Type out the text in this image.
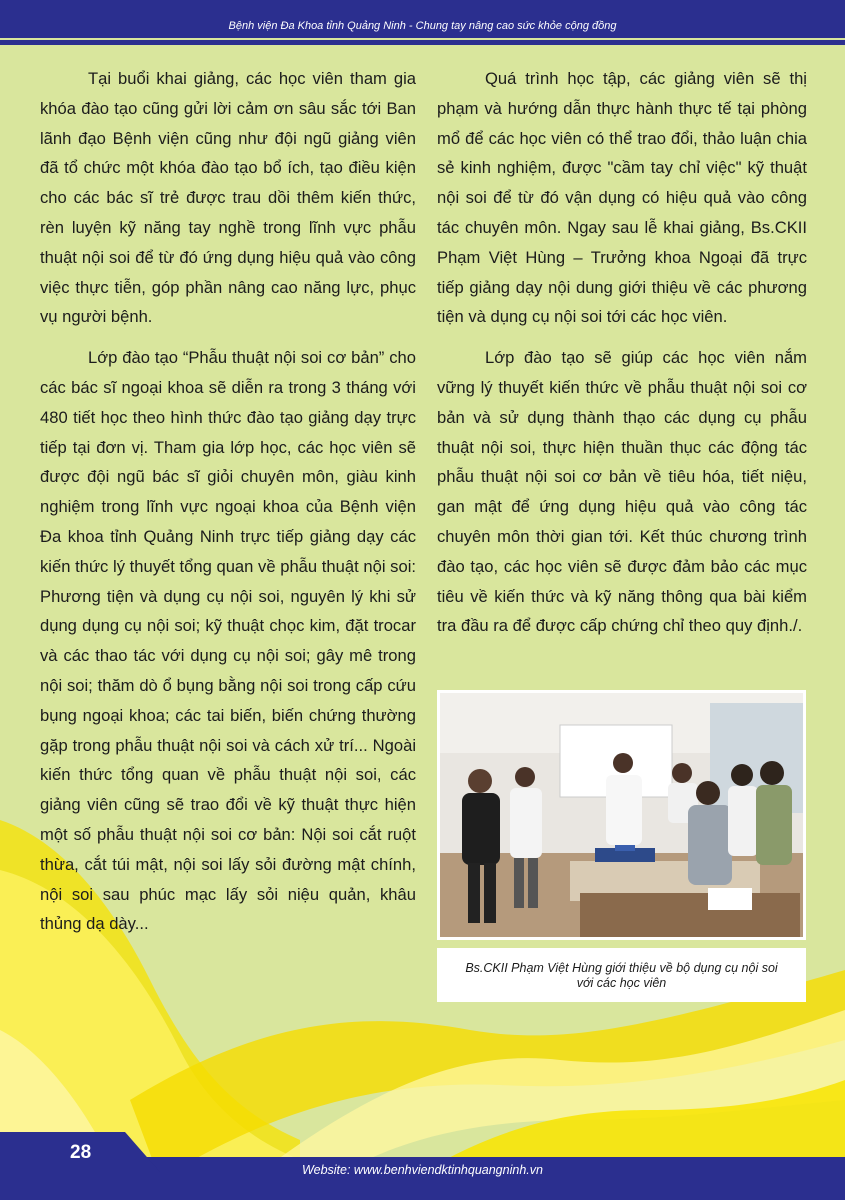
Bệnh viện Đa Khoa tỉnh Quảng Ninh - Chung tay nâng cao sức khỏe cộng đồng

Tại buổi khai giảng, các học viên tham gia khóa đào tạo cũng gửi lời cảm ơn sâu sắc tới Ban lãnh đạo Bệnh viện cũng như đội ngũ giảng viên đã tổ chức một khóa đào tạo bổ ích, tạo điều kiện cho các bác sĩ trẻ được trau dồi thêm kiến thức, rèn luyện kỹ năng tay nghề trong lĩnh vực phẫu thuật nội soi để từ đó ứng dụng hiệu quả vào công việc thực tiễn, góp phần nâng cao năng lực, phục vụ người bệnh.

Lớp đào tạo “Phẫu thuật nội soi cơ bản” cho các bác sĩ ngoại khoa sẽ diễn ra trong 3 tháng với 480 tiết học theo hình thức đào tạo giảng dạy trực tiếp tại đơn vị. Tham gia lớp học, các học viên sẽ được đội ngũ bác sĩ giỏi chuyên môn, giàu kinh nghiệm trong lĩnh vực ngoại khoa của Bệnh viện Đa khoa tỉnh Quảng Ninh trực tiếp giảng dạy các kiến thức lý thuyết tổng quan về phẫu thuật nội soi: Phương tiện và dụng cụ nội soi, nguyên lý khi sử dụng dụng cụ nội soi; kỹ thuật chọc kim, đặt trocar và các thao tác với dụng cụ nội soi; gây mê trong nội soi; thăm dò ổ bụng bằng nội soi trong cấp cứu bụng ngoại khoa; các tai biến, biến chứng thường gặp trong phẫu thuật nội soi và cách xử trí... Ngoài kiến thức tổng quan về phẫu thuật nội soi, các giảng viên cũng sẽ trao đổi về kỹ thuật thực hiện một số phẫu thuật nội soi cơ bản: Nội soi cắt ruột thừa, cắt túi mật, nội soi lấy sỏi đường mật chính, nội soi sau phúc mạc lấy sỏi niệu quản, khâu thủng dạ dày...

Quá trình học tập, các giảng viên sẽ thị phạm và hướng dẫn thực hành thực tế tại phòng mổ để các học viên có thể trao đổi, thảo luận chia sẻ kinh nghiệm, được "cầm tay chỉ việc" kỹ thuật nội soi để từ đó vận dụng có hiệu quả vào công tác chuyên môn. Ngay sau lễ khai giảng, Bs.CKII Phạm Việt Hùng – Trưởng khoa Ngoại đã trực tiếp giảng dạy nội dung giới thiệu về các phương tiện và dụng cụ nội soi tới các học viên.

Lớp đào tạo sẽ giúp các học viên nắm vững lý thuyết kiến thức về phẫu thuật nội soi cơ bản và sử dụng thành thạo các dụng cụ phẫu thuật nội soi, thực hiện thuần thục các động tác phẫu thuật nội soi cơ bản về tiêu hóa, tiết niệu, gan mật để ứng dụng hiệu quả vào công tác chuyên môn thời gian tới. Kết thúc chương trình đào tạo, các học viên sẽ được đảm bảo các mục tiêu về kiến thức và kỹ năng thông qua bài kiểm tra đầu ra để được cấp chứng chỉ theo quy định./.

Bs.CKII Phạm Việt Hùng giới thiệu về bộ dụng cụ nội soi với các học viên
28
Website: www.benhviendktinhquangninh.vn
